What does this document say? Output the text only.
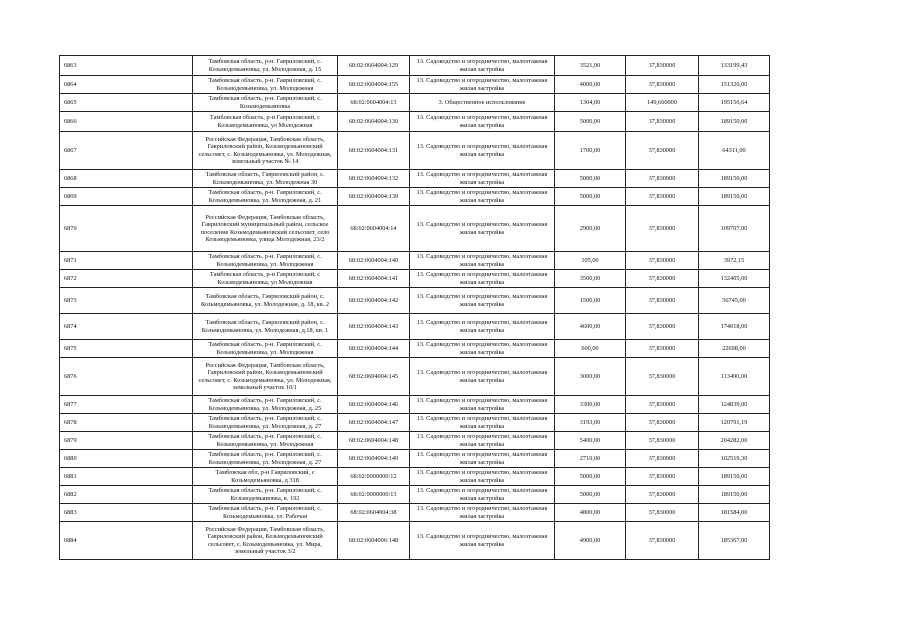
6863	Тамбовская область, р-н. Гавриловский, с. Козьмодемьяновка, ул. Молодежная, д. 15	68:02:0604004:129	13. Садоводство и огородничество, малоэтажная жилая застройка	3521,00	37,830000	133199,43
6864	Тамбовская область, р-н. Гавриловский, с. Козьмодемьяновка, ул. Молодежная	68:02:0604004:155	13. Садоводство и огородничество, малоэтажная жилая застройка	4000,00	37,830000	151320,00
6865	Тамбовская область, р-н. Гавриловский, с. Козьмодемьяновка	68:02:0604004:13	3. Общественное использование	1304,00	149,660000	195156,64
6866	Тамбовская область, р-н Гавриловский, с Козьмодемьяновка, ул Молодежная	68:02:0604004:130	13. Садоводство и огородничество, малоэтажная жилая застройка	5000,00	37,830000	189150,00
6867	Российская Федерация, Тамбовская область, Гавриловский район, Козьмодемьяновский сельсовет, с. Козьмодемьяновка, ул. Молодежная, земельный участок № 14	68:02:0604004:131	13. Садоводство и огородничество, малоэтажная жилая застройка	1700,00	37,830000	64311,00
6868	Тамбовская область, Гавриловский район, с. Козьмодемьяновка, ул. Молодежная 30	68:02:0604004:132	13. Садоводство и огородничество, малоэтажная жилая застройка	5000,00	37,830000	189150,00
6869	Тамбовская область, р-н. Гавриловский, с. Козьмодемьяновка, ул. Молодежная, д. 21	68:02:0604004:139	13. Садоводство и огородничество, малоэтажная жилая застройка	5000,00	37,830000	189150,00
6870	Российская Федерация, Тамбовская область, Гавриловский муниципальный район, сельское поселение Козьмодемьяновский сельсовет, село Козьмодемьяновка, улица Молодежная, 23/2	68:02:0604004:14	13. Садоводство и огородничество, малоэтажная жилая застройка	2900,00	37,830000	109707,00
6871	Тамбовская область, р-н. Гавриловский, с. Козьмодемьяновка, ул. Молодежная	68:02:0604004:140	13. Садоводство и огородничество, малоэтажная жилая застройка	105,00	37,830000	3972,15
6872	Тамбовская область, р-н Гавриловский, с Козьмодемьяновка, ул Молодежная	68:02:0604004:141	13. Садоводство и огородничество, малоэтажная жилая застройка	3500,00	37,830000	132405,00
6873	Тамбовская область, Гавриловский район, с. Козьмодемьяновка, ул. Молодежная, д. 18, кв. 2	68:02:0604004:142	13. Садоводство и огородничество, малоэтажная жилая застройка	1500,00	37,830000	56745,00
6874	Тамбовская область, Гавриловский район, с. Козьмодемьяновка, ул. Молодежная, д.18, кв. 1	68:02:0604004:143	13. Садоводство и огородничество, малоэтажная жилая застройка	4600,00	37,830000	174018,00
6875	Тамбовская область, р-н. Гавриловский, с. Козьмодемьяновка, ул. Молодежная	68:02:0604004:144	13. Садоводство и огородничество, малоэтажная жилая застройка	600,00	37,830000	22698,00
6876	Российская Федерация, Тамбовская область, Гавриловский район, Козьмодемьяновский сельсовет, с. Козьмодемьяновка, ул. Молодежная, земельный участок 10/1	68:02:0604004:145	13. Садоводство и огородничество, малоэтажная жилая застройка	3000,00	37,830000	113490,00
6877	Тамбовская область, р-н. Гавриловский, с. Козьмодемьяновка, ул. Молодежная, д. 25	68:02:0604004:146	13. Садоводство и огородничество, малоэтажная жилая застройка	3300,00	37,830000	124839,00
6878	Тамбовская область, р-н. Гавриловский, с. Козьмодемьяновка, ул. Молодежная, д. 27	68:02:0604004:147	13. Садоводство и огородничество, малоэтажная жилая застройка	3193,00	37,830000	120791,19
6879	Тамбовская область, р-н. Гавриловский, с. Козьмодемьяновка, ул. Молодежная	68:02:0604004:148	13. Садоводство и огородничество, малоэтажная жилая застройка	5400,00	37,830000	204282,00
6880	Тамбовская область, р-н. Гавриловский, с. Козьмодемьяновка, ул. Молодежная, д. 27	68:02:0604004:149	13. Садоводство и огородничество, малоэтажная жилая застройка	2710,00	37,830000	102519,30
6881	Тамбовская обл, р-н Гавриловский, с Козьмодемьяновка, д 318	68:02:0000000:12	13. Садоводство и огородничество, малоэтажная жилая застройка	5000,00	37,830000	189150,00
6882	Тамбовская область, р-н. Гавриловский, с. Козьмодемьяновка, к. 192	68:02:0000000:13	13. Садоводство и огородничество, малоэтажная жилая застройка	5000,00	37,830000	189150,00
6883	Тамбовская область, р-н. Гавриловский, с. Козьмодемьяновка, ул. Рабочая	68:02:0604004:38	13. Садоводство и огородничество, малоэтажная жилая застройка	4800,00	37,830000	181584,00
6884	Российская Федерация, Тамбовская область, Гавриловский район, Козьмодемьяновский сельсовет, с. Козьмодемьяновка, ул. Мира, земельный участок 3/2	68:02:0604006:148	13. Садоводство и огородничество, малоэтажная жилая застройка	4900,00	37,830000	185367,00
